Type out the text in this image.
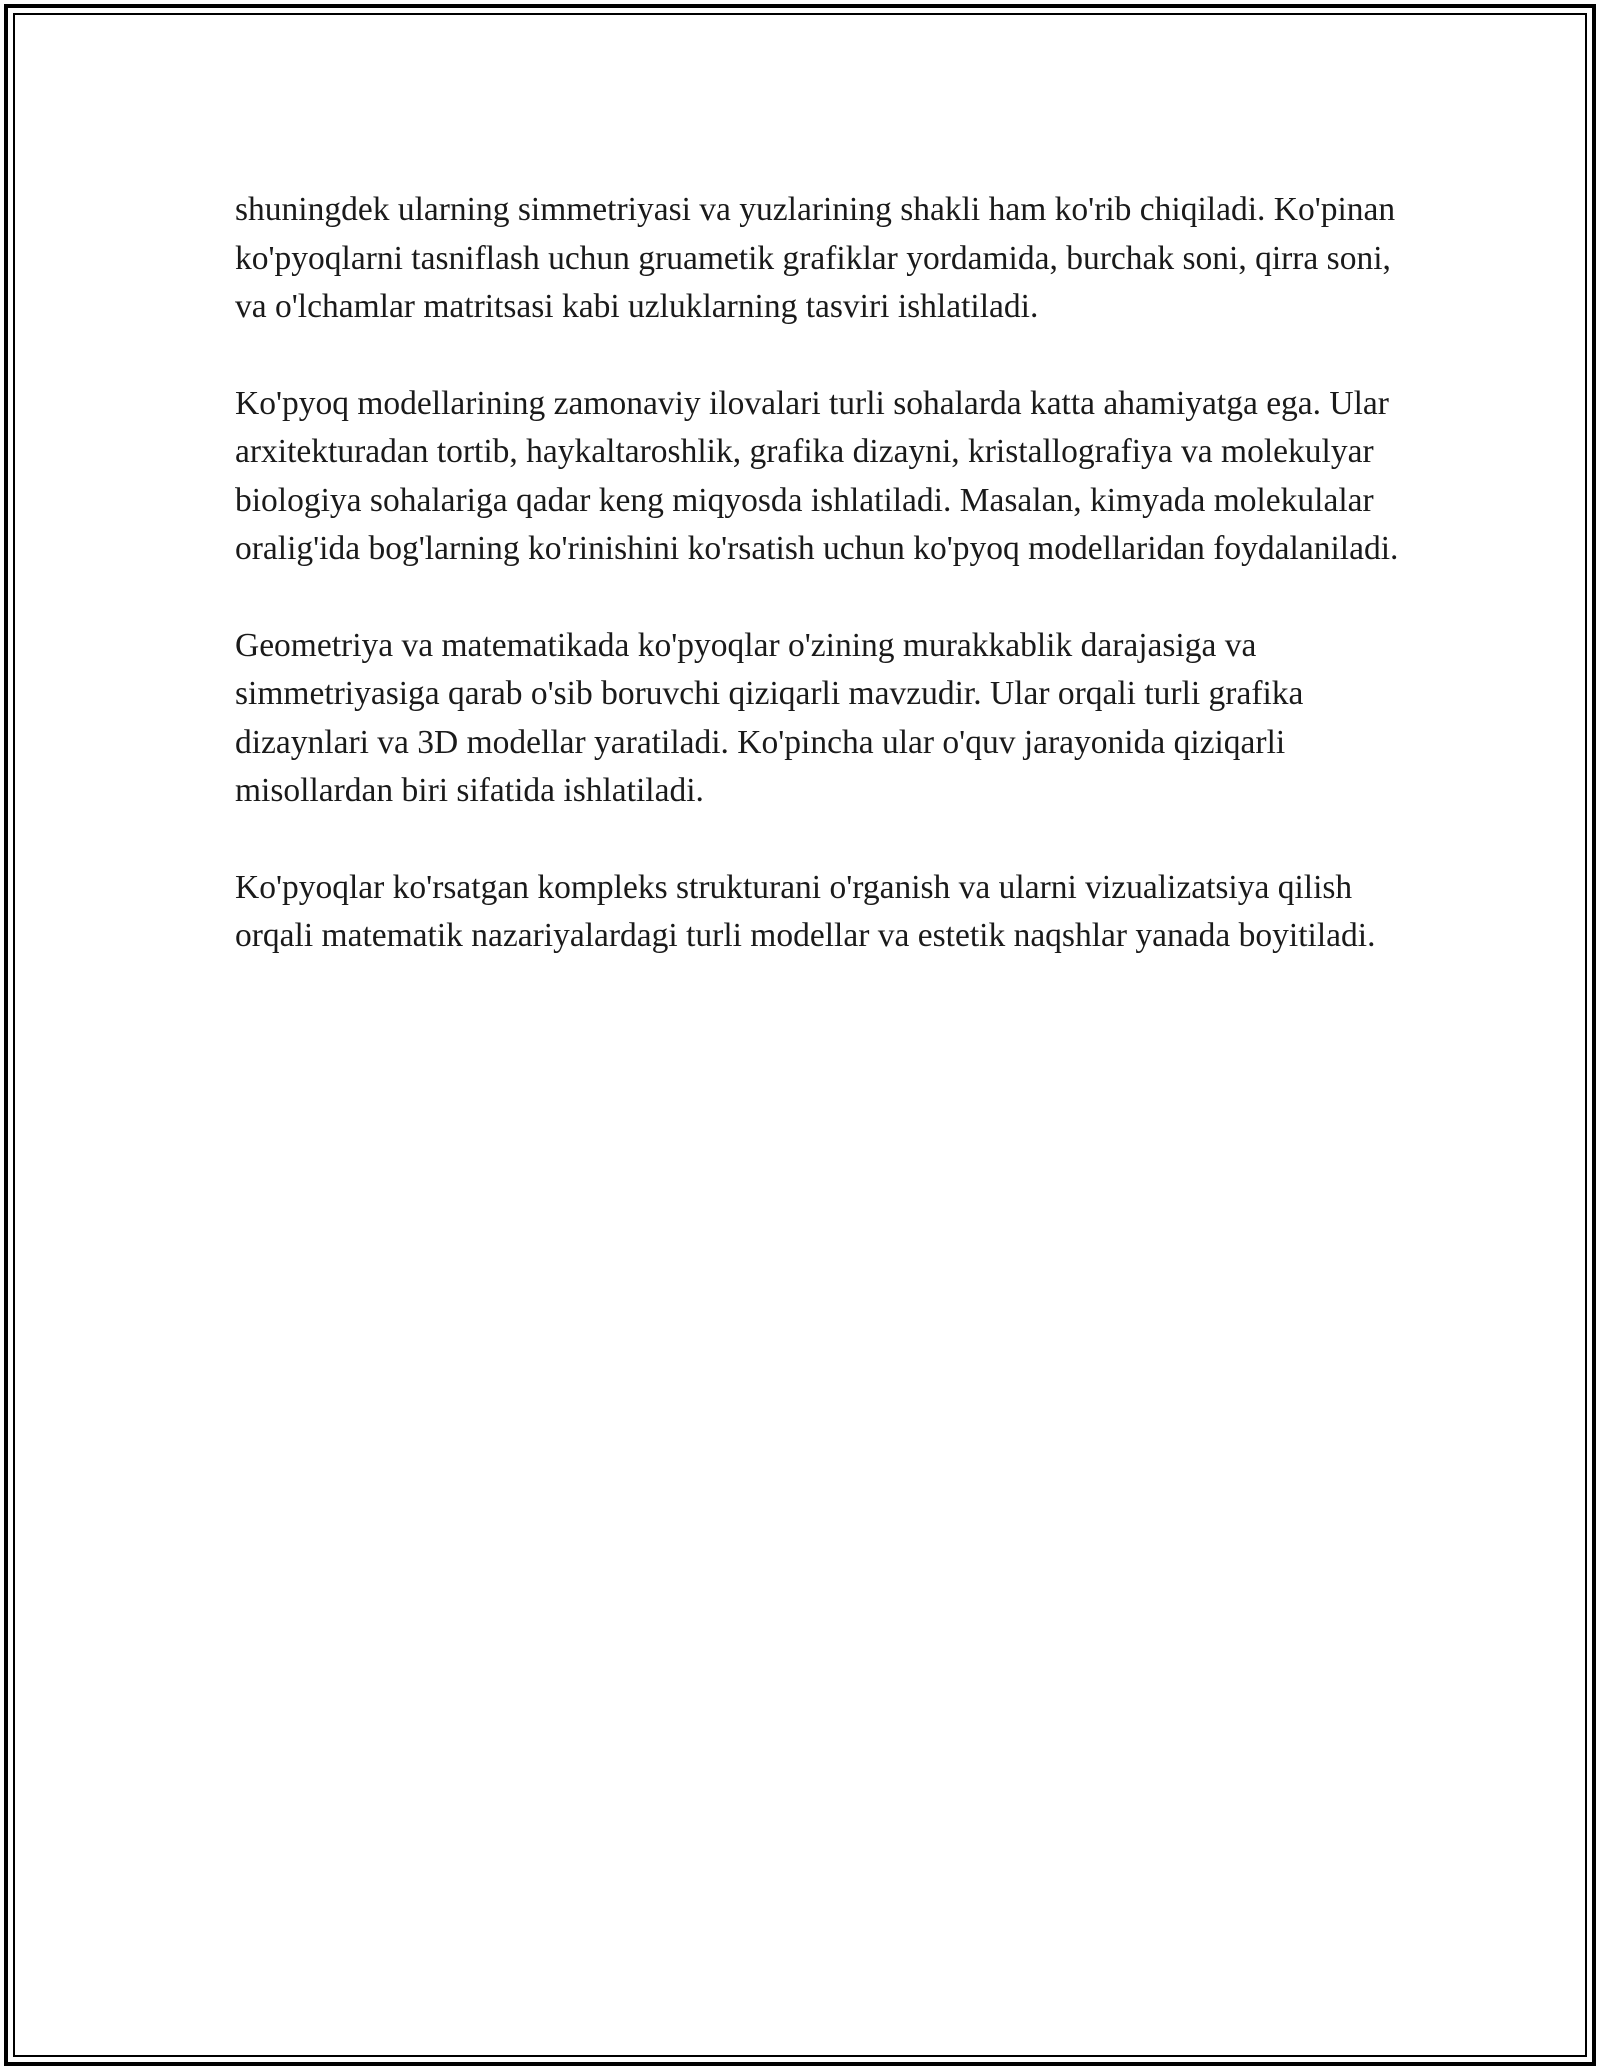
shuningdek ularning simmetriyasi va yuzlarining shakli ham ko'rib chiqiladi. Ko'pinan ko'pyoqlarni tasniflash uchun gruametik grafiklar yordamida, burchak soni, qirra soni, va o'lchamlar matritsasi kabi uzluklarning tasviri ishlatiladi.

Ko'pyoq modellarining zamonaviy ilovalari turli sohalarda katta ahamiyatga ega. Ular arxitekturadan tortib, haykaltaroshlik, grafika dizayni, kristallografiya va molekulyar biologiya sohalariga qadar keng miqyosda ishlatiladi. Masalan, kimyada molekulalar oralig'ida bog'larning ko'rinishini ko'rsatish uchun ko'pyoq modellaridan foydalaniladi.

Geometriya va matematikada ko'pyoqlar o'zining murakkablik darajasiga va simmetriyasiga qarab o'sib boruvchi qiziqarli mavzudir. Ular orqali turli grafika dizaynlari va 3D modellar yaratiladi. Ko'pincha ular o'quv jarayonida qiziqarli misollardan biri sifatida ishlatiladi.

Ko'pyoqlar ko'rsatgan kompleks strukturani o'rganish va ularni vizualizatsiya qilish orqali matematik nazariyalardagi turli modellar va estetik naqshlar yanada boyitiladi.
